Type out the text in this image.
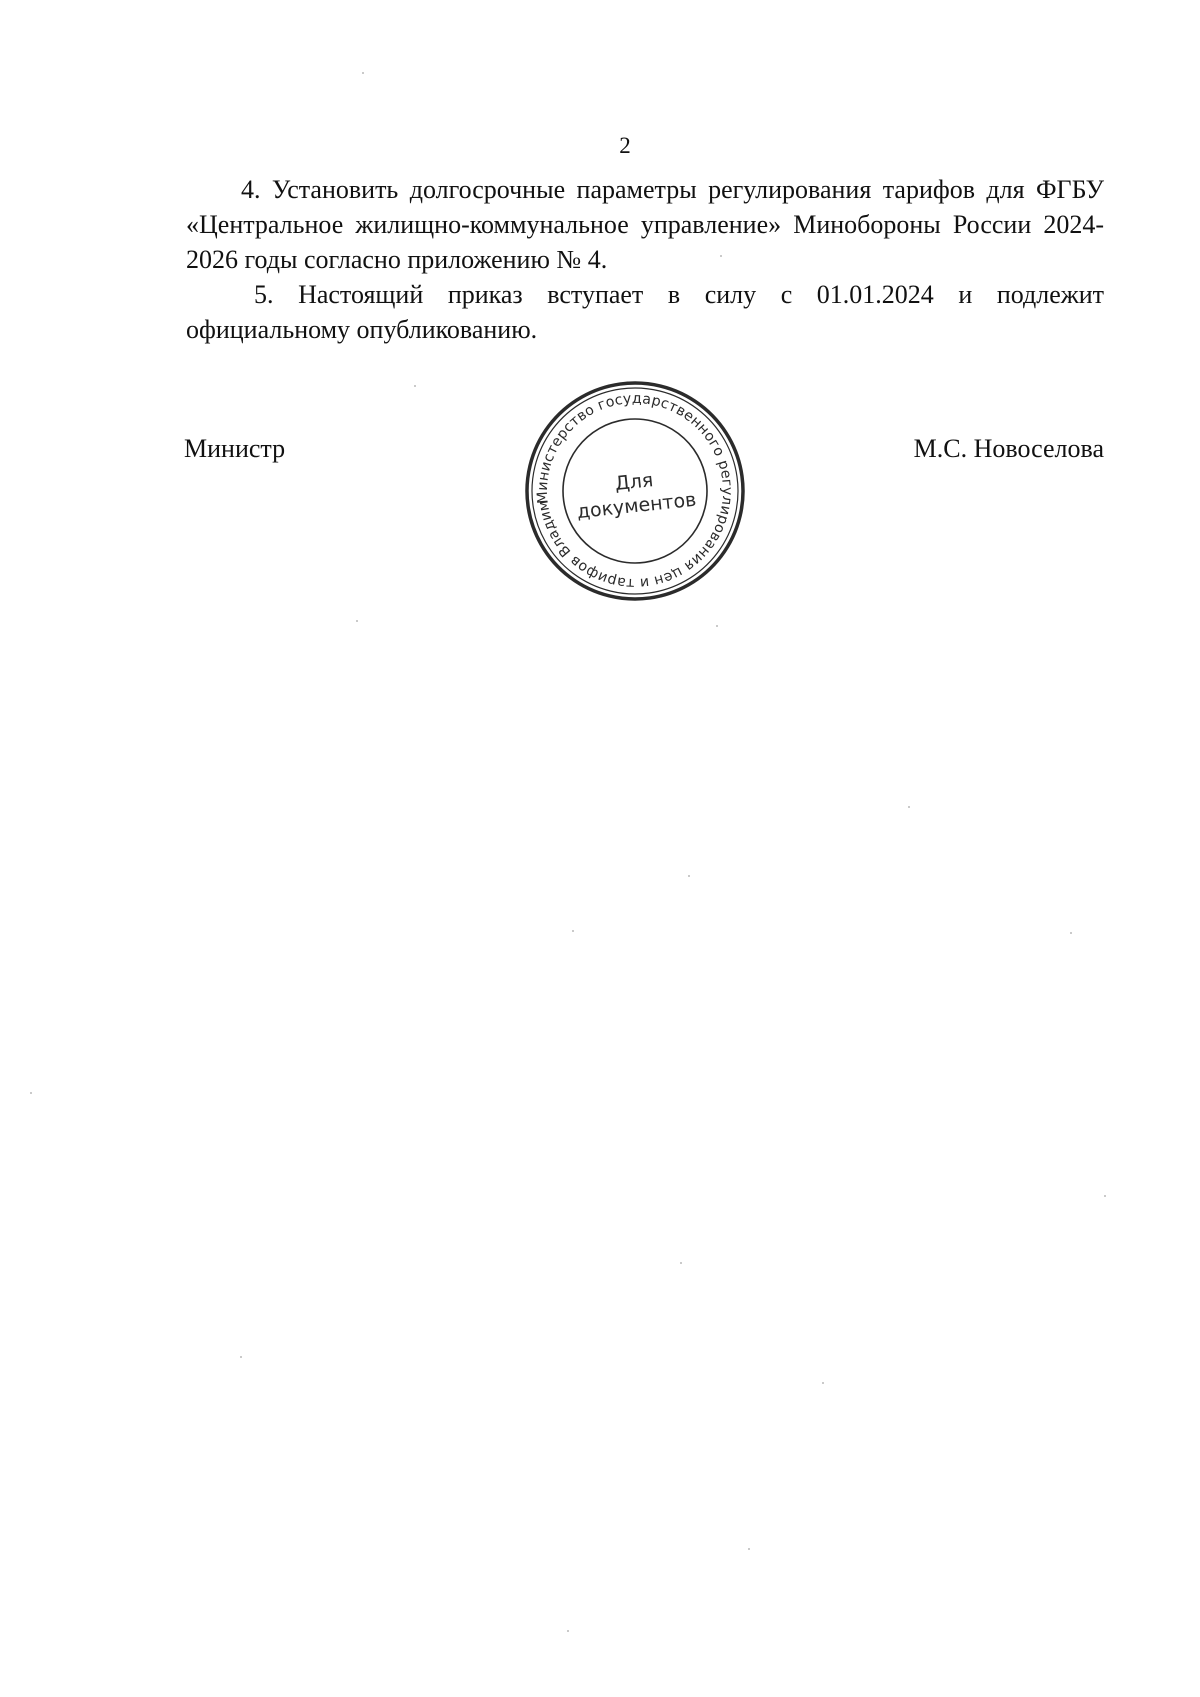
2

4. Установить долгосрочные параметры регулирования тарифов для ФГБУ «Центральное жилищно-коммунальное управление» Минобороны России 2024-2026 годы согласно приложению № 4.

5. Настоящий приказ вступает в силу с 01.01.2024 и подлежит официальному опубликованию.

Министр
Министерство государственного регулирования цен и тарифов Владимирской
Для
документов
М.С. Новоселова
